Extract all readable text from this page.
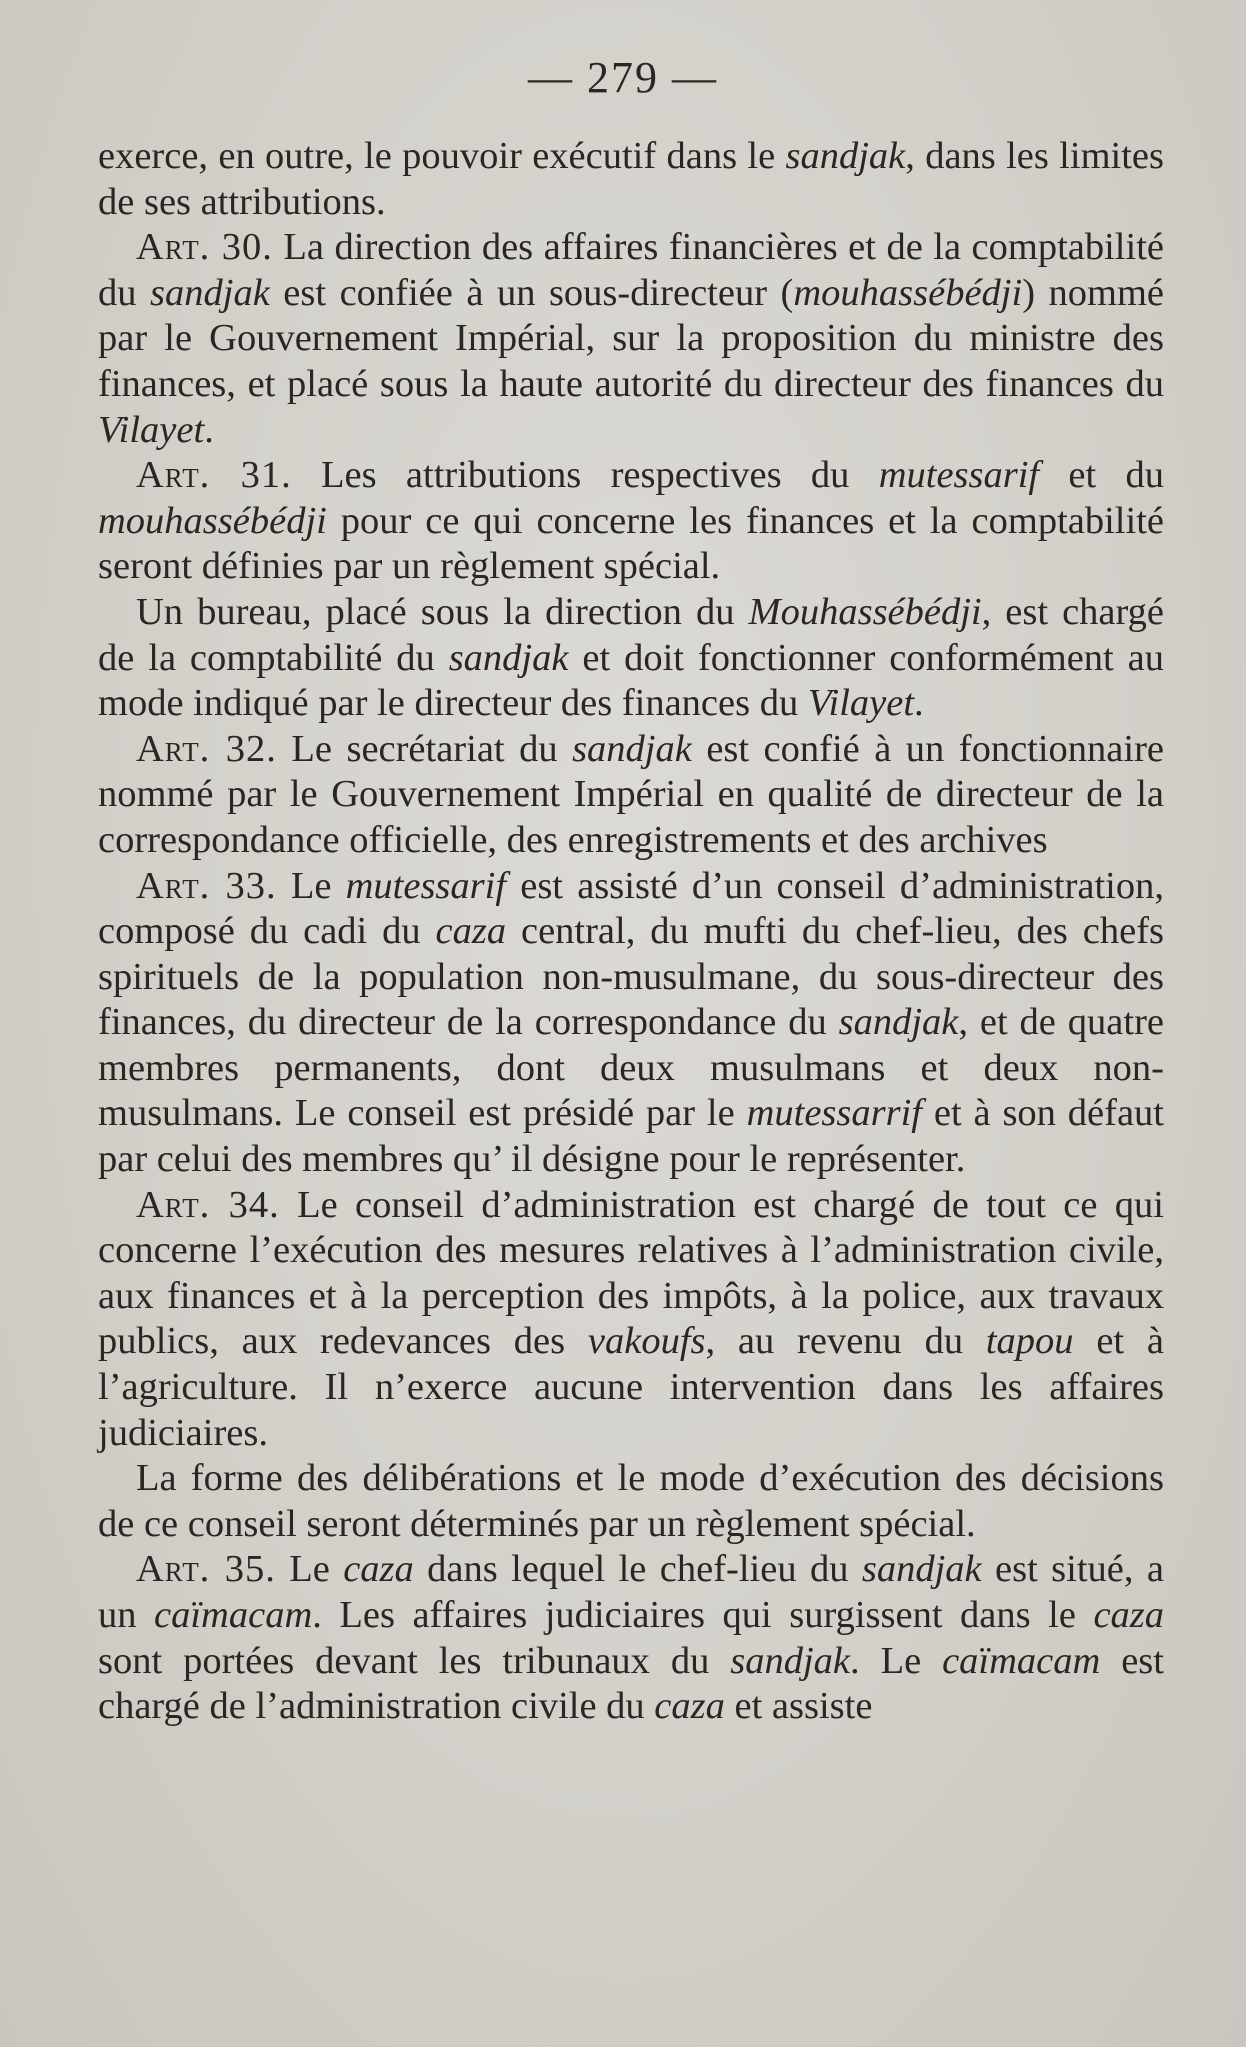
— 279 —

exerce, en outre, le pouvoir exécutif dans le sandjak, dans les limites de ses attributions.

Art. 30. La direction des affaires financières et de la comptabilité du sandjak est confiée à un sous-directeur (mouhassébédji) nommé par le Gouvernement Impérial, sur la proposition du ministre des finances, et placé sous la haute autorité du directeur des finances du Vilayet.

Art. 31. Les attributions respectives du mutessarif et du mouhassébédji pour ce qui concerne les finances et la comptabilité seront définies par un règlement spécial.

Un bureau, placé sous la direction du Mouhassébédji, est chargé de la comptabilité du sandjak et doit fonctionner conformément au mode indiqué par le directeur des finances du Vilayet.

Art. 32. Le secrétariat du sandjak est confié à un fonctionnaire nommé par le Gouvernement Impérial en qualité de directeur de la correspondance officielle, des enregistrements et des archives

Art. 33. Le mutessarif est assisté d’un conseil d’administration, composé du cadi du caza central, du mufti du chef-lieu, des chefs spirituels de la population non-musulmane, du sous-directeur des finances, du directeur de la correspondance du sandjak, et de quatre membres permanents, dont deux musulmans et deux non-musulmans. Le conseil est présidé par le mutessarrif et à son défaut par celui des membres qu’ il désigne pour le représenter.

Art. 34. Le conseil d’administration est chargé de tout ce qui concerne l’exécution des mesures relatives à l’administration civile, aux finances et à la perception des impôts, à la police, aux travaux publics, aux redevances des vakoufs, au revenu du tapou et à l’agriculture. Il n’exerce aucune intervention dans les affaires judiciaires.

La forme des délibérations et le mode d’exécution des décisions de ce conseil seront déterminés par un règlement spécial.

Art. 35. Le caza dans lequel le chef-lieu du sandjak est situé, a un caïmacam. Les affaires judiciaires qui surgissent dans le caza sont portées devant les tribunaux du sandjak. Le caïmacam est chargé de l’administration civile du caza et assiste
